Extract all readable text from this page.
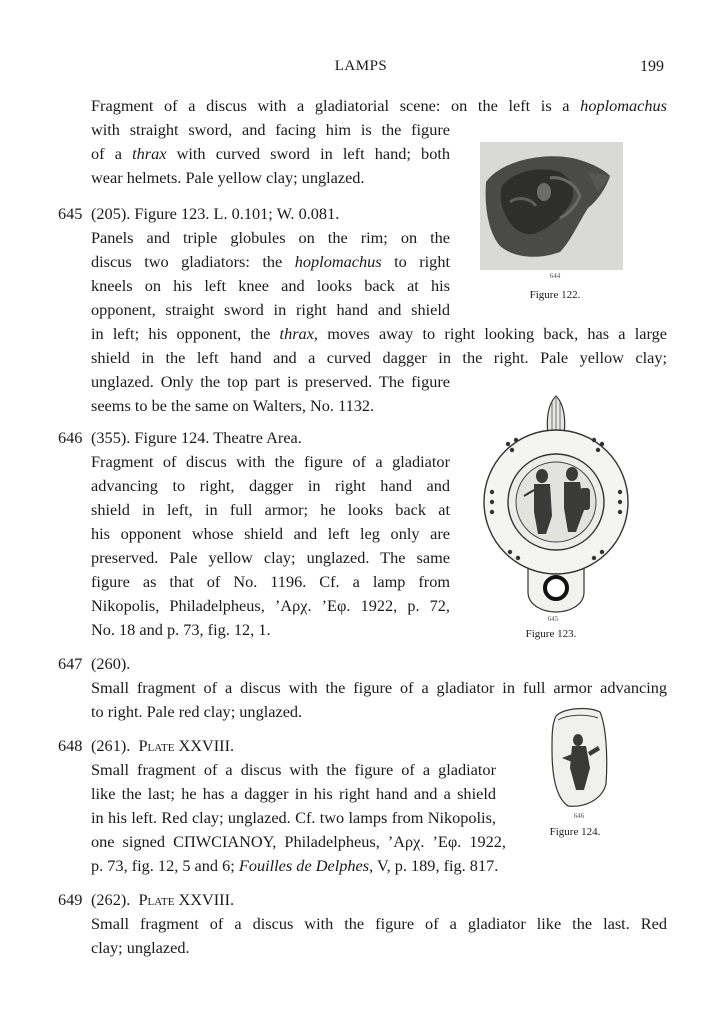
LAMPS	199
Fragment of a discus with a gladiatorial scene: on the left is a hoplomachus
with straight sword, and facing him is the figure
of a thrax with curved sword in left hand; both
wear helmets. Pale yellow clay; unglazed.
644
Figure 122.
645 (205). Figure 123. L. 0.101; W. 0.081.
Panels and triple globules on the rim; on the
discus two gladiators: the hoplomachus to right
kneels on his left knee and looks back at his
opponent, straight sword in right hand and shield
in left; his opponent, the thrax, moves away to right looking back, has a large
shield in the left hand and a curved dagger in the right. Pale yellow clay;
unglazed. Only the top part is preserved. The figure
seems to be the same on Walters, No. 1132.
645
Figure 123.
646 (355). Figure 124. Theatre Area.
Fragment of discus with the figure of a gladiator
advancing to right, dagger in right hand and
shield in left, in full armor; he looks back at
his opponent whose shield and left leg only are
preserved. Pale yellow clay; unglazed. The same
figure as that of No. 1196. Cf. a lamp from
Nikopolis, Philadelpheus, ’Αρχ. ’Εφ. 1922, p. 72,
No. 18 and p. 73, fig. 12, 1.
647 (260).
Small fragment of a discus with the figure of a gladiator in full armor advancing
to right. Pale red clay; unglazed.
646
Figure 124.
648 (261). Plate XXVIII.
Small fragment of a discus with the figure of a gladiator
like the last; he has a dagger in his right hand and a shield
in his left. Red clay; unglazed. Cf. two lamps from Nikopolis,
one signed CΠWCIANOY, Philadelpheus, ’Αρχ. ’Εφ. 1922,
p. 73, fig. 12, 5 and 6; Fouilles de Delphes, V, p. 189, fig. 817.
649 (262). Plate XXVIII.
Small fragment of a discus with the figure of a gladiator like the last. Red
clay; unglazed.
